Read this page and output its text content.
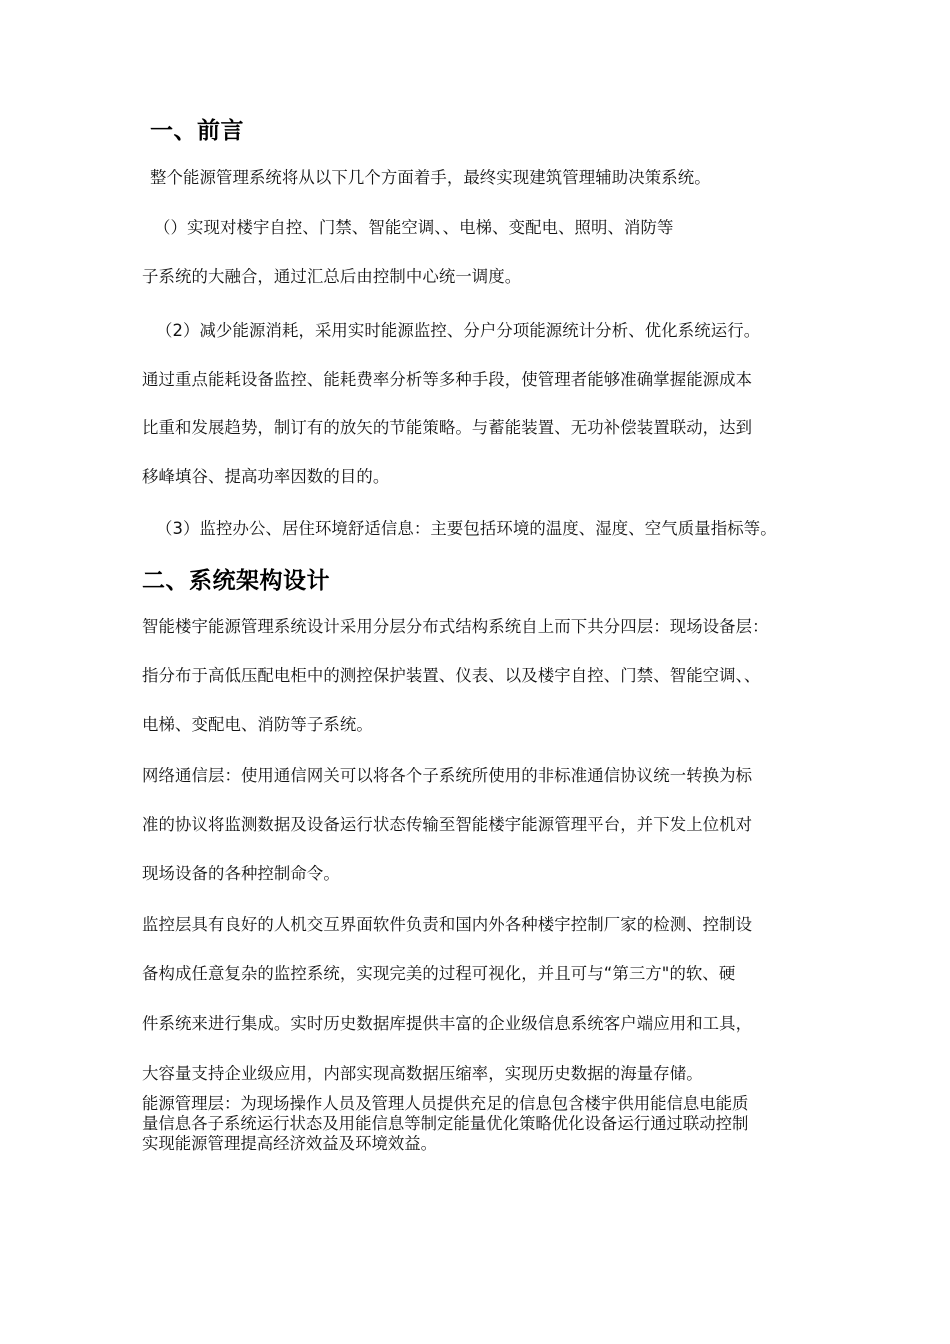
一、前言
整个能源管理系统将从以下几个方面着手，最终实现建筑管理辅助决策系统。
（）实现对楼宇自控、门禁、智能空调、、电梯、变配电、照明、消防等
子系统的大融合，通过汇总后由控制中心统一调度。
（2）减少能源消耗，采用实时能源监控、分户分项能源统计分析、优化系统运行。
通过重点能耗设备监控、能耗费率分析等多种手段，使管理者能够准确掌握能源成本
比重和发展趋势，制订有的放矢的节能策略。与蓄能装置、无功补偿装置联动，达到
移峰填谷、提高功率因数的目的。
（3）监控办公、居住环境舒适信息：主要包括环境的温度、湿度、空气质量指标等。
二、系统架构设计
智能楼宇能源管理系统设计采用分层分布式结构系统自上而下共分四层：现场设备层：
指分布于高低压配电柜中的测控保护装置、仪表、以及楼宇自控、门禁、智能空调、、
电梯、变配电、消防等子系统。
网络通信层：使用通信网关可以将各个子系统所使用的非标准通信协议统一转换为标
准的协议将监测数据及设备运行状态传输至智能楼宇能源管理平台，并下发上位机对
现场设备的各种控制命令。
监控层具有良好的人机交互界面软件负责和国内外各种楼宇控制厂家的检测、控制设
备构成任意复杂的监控系统，实现完美的过程可视化，并且可与“第三方"的软、硬
件系统来进行集成。实时历史数据库提供丰富的企业级信息系统客户端应用和工具，
大容量支持企业级应用，内部实现高数据压缩率，实现历史数据的海量存储。
能源管理层：为现场操作人员及管理人员提供充足的信息包含楼宇供用能信息电能质
量信息各子系统运行状态及用能信息等制定能量优化策略优化设备运行通过联动控制
实现能源管理提高经济效益及环境效益。
